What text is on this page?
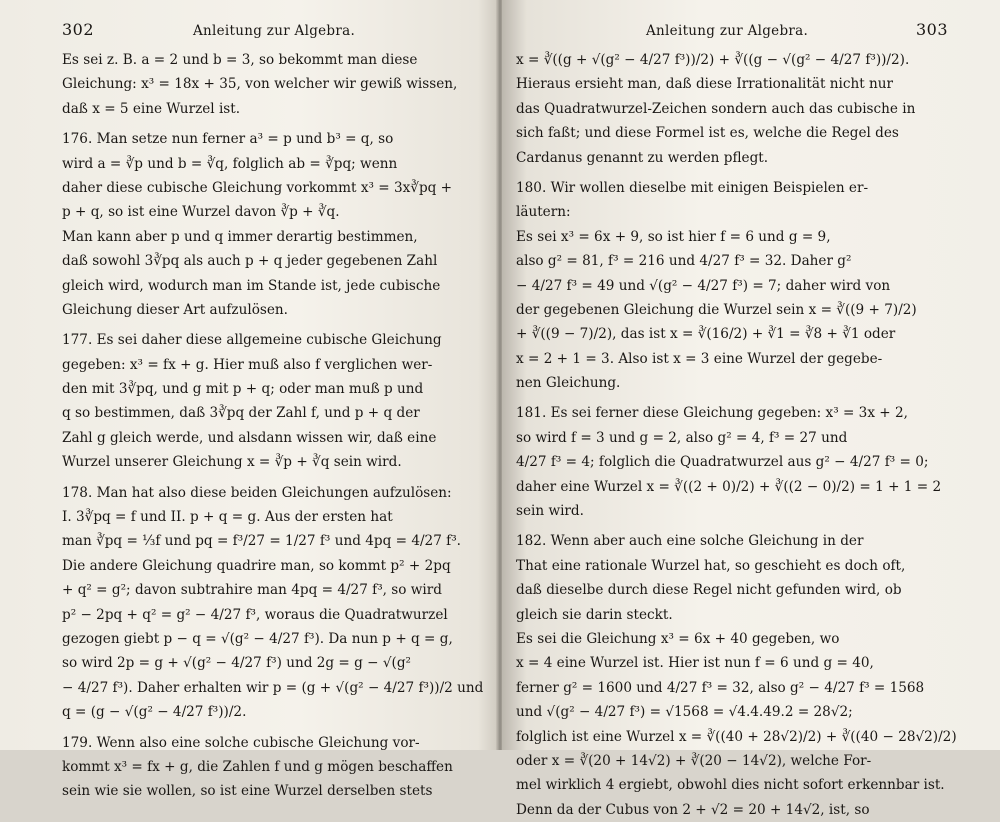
302	Anleitung zur Algebra.
Es sei z. B. a = 2 und b = 3, so bekommt man diese
Gleichung: x³ = 18x + 35, von welcher wir gewiß wissen,
daß x = 5 eine Wurzel ist.
176. Man setze nun ferner a³ = p und b³ = q, so
wird a = ∛p und b = ∛q, folglich ab = ∛pq; wenn
daher diese cubische Gleichung vorkommt x³ = 3x∛pq +
p + q, so ist eine Wurzel davon ∛p + ∛q.
Man kann aber p und q immer derartig bestimmen,
daß sowohl 3∛pq als auch p + q jeder gegebenen Zahl
gleich wird, wodurch man im Stande ist, jede cubische
Gleichung dieser Art aufzulösen.
177. Es sei daher diese allgemeine cubische Gleichung
gegeben: x³ = fx + g. Hier muß also f verglichen wer-
den mit 3∛pq, und g mit p + q; oder man muß p und
q so bestimmen, daß 3∛pq der Zahl f, und p + q der
Zahl g gleich werde, und alsdann wissen wir, daß eine
Wurzel unserer Gleichung x = ∛p + ∛q sein wird.
178. Man hat also diese beiden Gleichungen aufzulösen:
I. 3∛pq = f und II. p + q = g. Aus der ersten hat
man ∛pq = ⅓f und pq = f³/27 = 1/27 f³ und 4pq = 4/27 f³.
Die andere Gleichung quadrire man, so kommt p² + 2pq
+ q² = g²; davon subtrahire man 4pq = 4/27 f³, so wird
p² − 2pq + q² = g² − 4/27 f³, woraus die Quadratwurzel
gezogen giebt p − q = √(g² − 4/27 f³). Da nun p + q = g,
so wird 2p = g + √(g² − 4/27 f³) und 2g = g − √(g²
− 4/27 f³). Daher erhalten wir p = (g + √(g² − 4/27 f³))/2 und
q = (g − √(g² − 4/27 f³))/2.
179. Wenn also eine solche cubische Gleichung vor-
kommt x³ = fx + g, die Zahlen f und g mögen beschaffen
sein wie sie wollen, so ist eine Wurzel derselben stets
Anleitung zur Algebra.	303
x = ∛((g + √(g² − 4/27 f³))/2) + ∛((g − √(g² − 4/27 f³))/2).
Hieraus ersieht man, daß diese Irrationalität nicht nur
das Quadratwurzel-Zeichen sondern auch das cubische in
sich faßt; und diese Formel ist es, welche die Regel des
Cardanus genannt zu werden pflegt.
180. Wir wollen dieselbe mit einigen Beispielen er-
läutern:
Es sei x³ = 6x + 9, so ist hier f = 6 und g = 9,
also g² = 81, f³ = 216 und 4/27 f³ = 32. Daher g²
− 4/27 f³ = 49 und √(g² − 4/27 f³) = 7; daher wird von
der gegebenen Gleichung die Wurzel sein x = ∛((9 + 7)/2)
+ ∛((9 − 7)/2), das ist x = ∛(16/2) + ∛1 = ∛8 + ∛1 oder
x = 2 + 1 = 3. Also ist x = 3 eine Wurzel der gegebe-
nen Gleichung.
181. Es sei ferner diese Gleichung gegeben: x³ = 3x + 2,
so wird f = 3 und g = 2, also g² = 4, f³ = 27 und
4/27 f³ = 4; folglich die Quadratwurzel aus g² − 4/27 f³ = 0;
daher eine Wurzel x = ∛((2 + 0)/2) + ∛((2 − 0)/2) = 1 + 1 = 2
sein wird.
182. Wenn aber auch eine solche Gleichung in der
That eine rationale Wurzel hat, so geschieht es doch oft,
daß dieselbe durch diese Regel nicht gefunden wird, ob
gleich sie darin steckt.
Es sei die Gleichung x³ = 6x + 40 gegeben, wo
x = 4 eine Wurzel ist. Hier ist nun f = 6 und g = 40,
ferner g² = 1600 und 4/27 f³ = 32, also g² − 4/27 f³ = 1568
und √(g² − 4/27 f³) = √1568 = √4.4.49.2 = 28√2;
folglich ist eine Wurzel x = ∛((40 + 28√2)/2) + ∛((40 − 28√2)/2)
oder x = ∛(20 + 14√2) + ∛(20 − 14√2), welche For-
mel wirklich 4 ergiebt, obwohl dies nicht sofort erkennbar ist.
Denn da der Cubus von 2 + √2 = 20 + 14√2, ist, so
